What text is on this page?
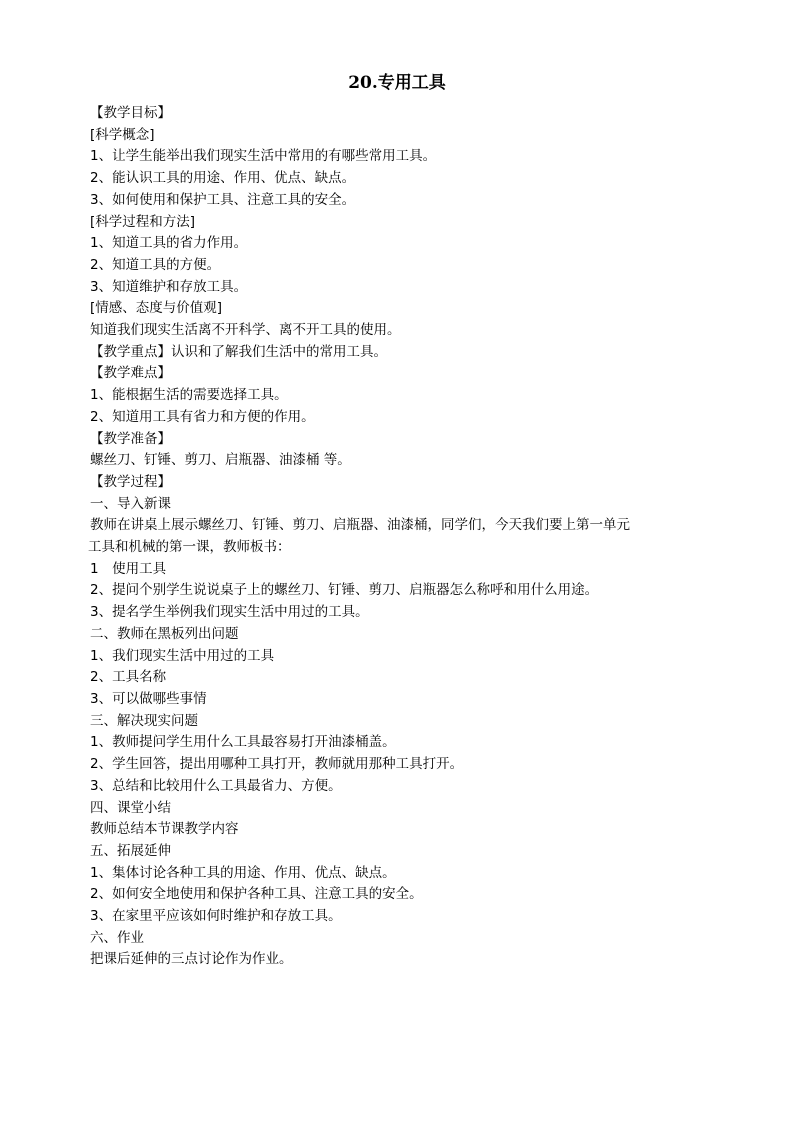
20.专用工具

【教学目标】

[科学概念]

1、让学生能举出我们现实生活中常用的有哪些常用工具。

2、能认识工具的用途、作用、优点、缺点。

3、如何使用和保护工具、注意工具的安全。

[科学过程和方法]

1、知道工具的省力作用。

2、知道工具的方便。

3、知道维护和存放工具。

[情感、态度与价值观]

知道我们现实生活离不开科学、离不开工具的使用。

【教学重点】认识和了解我们生活中的常用工具。

【教学难点】

1、能根据生活的需要选择工具。

2、知道用工具有省力和方便的作用。

【教学准备】

螺丝刀、钉锤、剪刀、启瓶器、油漆桶 等。

【教学过程】

一、导入新课

教师在讲桌上展示螺丝刀、钉锤、剪刀、启瓶器、油漆桶，同学们，今天我们要上第一单元
工具和机械的第一课，教师板书：

1　使用工具

2、提问个别学生说说桌子上的螺丝刀、钉锤、剪刀、启瓶器怎么称呼和用什么用途。

3、提名学生举例我们现实生活中用过的工具。

二、教师在黑板列出问题

1、我们现实生活中用过的工具

2、工具名称

3、可以做哪些事情

三、解决现实问题

1、教师提问学生用什么工具最容易打开油漆桶盖。

2、学生回答，提出用哪种工具打开，教师就用那种工具打开。

3、总结和比较用什么工具最省力、方便。

四、课堂小结

教师总结本节课教学内容

五、拓展延伸

1、集体讨论各种工具的用途、作用、优点、缺点。

2、如何安全地使用和保护各种工具、注意工具的安全。

3、在家里平应该如何时维护和存放工具。

六、作业

把课后延伸的三点讨论作为作业。
